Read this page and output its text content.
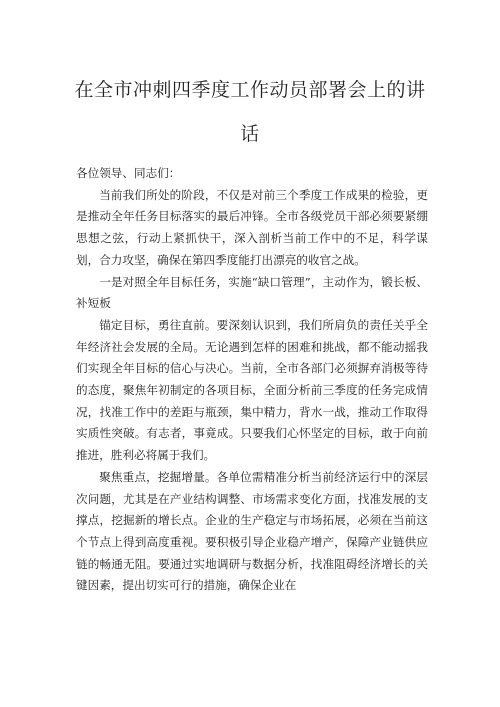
在全市冲刺四季度工作动员部署会上的讲
话

各位领导、同志们：

当前我们所处的阶段，不仅是对前三个季度工作成果的检验，更是推动全年任务目标落实的最后冲锋。全市各级党员干部必须要紧绷思想之弦，行动上紧抓快干，深入剖析当前工作中的不足，科学谋划，合力攻坚，确保在第四季度能打出漂亮的收官之战。

一是对照全年目标任务，实施“缺口管理”，主动作为，锻长板、补短板

锚定目标，勇往直前。要深刻认识到，我们所肩负的责任关乎全年经济社会发展的全局。无论遇到怎样的困难和挑战，都不能动摇我们实现全年目标的信心与决心。当前，全市各部门必须摒弃消极等待的态度，聚焦年初制定的各项目标，全面分析前三季度的任务完成情况，找准工作中的差距与瓶颈，集中精力，背水一战，推动工作取得实质性突破。有志者，事竟成。只要我们心怀坚定的目标，敢于向前推进，胜利必将属于我们。

聚焦重点，挖掘增量。各单位需精准分析当前经济运行中的深层次问题，尤其是在产业结构调整、市场需求变化方面，找准发展的支撑点，挖掘新的增长点。企业的生产稳定与市场拓展，必须在当前这个节点上得到高度重视。要积极引导企业稳产增产，保障产业链供应链的畅通无阻。要通过实地调研与数据分析，找准阻碍经济增长的关键因素，提出切实可行的措施，确保企业在
